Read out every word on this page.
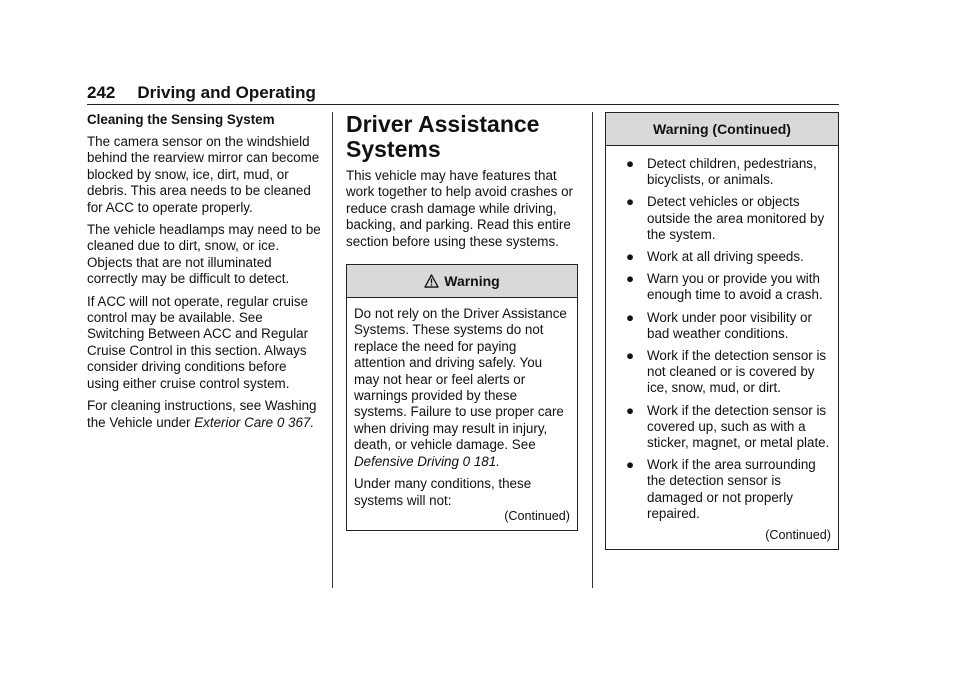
242 Driving and Operating

Cleaning the Sensing System

The camera sensor on the windshield behind the rearview mirror can become blocked by snow, ice, dirt, mud, or debris. This area needs to be cleaned for ACC to operate properly.

The vehicle headlamps may need to be cleaned due to dirt, snow, or ice. Objects that are not illuminated correctly may be difficult to detect.

If ACC will not operate, regular cruise control may be available. See Switching Between ACC and Regular Cruise Control in this section. Always consider driving conditions before using either cruise control system.

For cleaning instructions, see Washing the Vehicle under Exterior Care 0 367.

Driver Assistance Systems

This vehicle may have features that work together to help avoid crashes or reduce crash damage while driving, backing, and parking. Read this entire section before using these systems.

Warning

Do not rely on the Driver Assistance Systems. These systems do not replace the need for paying attention and driving safely. You may not hear or feel alerts or warnings provided by these systems. Failure to use proper care when driving may result in injury, death, or vehicle damage. See Defensive Driving 0 181.

Under many conditions, these systems will not:

(Continued)
Warning (Continued)
● Detect children, pedestrians, bicyclists, or animals.
● Detect vehicles or objects outside the area monitored by the system.
● Work at all driving speeds.
● Warn you or provide you with enough time to avoid a crash.
● Work under poor visibility or bad weather conditions.
● Work if the detection sensor is not cleaned or is covered by ice, snow, mud, or dirt.
● Work if the detection sensor is covered up, such as with a sticker, magnet, or metal plate.
● Work if the area surrounding the detection sensor is damaged or not properly repaired.
(Continued)
